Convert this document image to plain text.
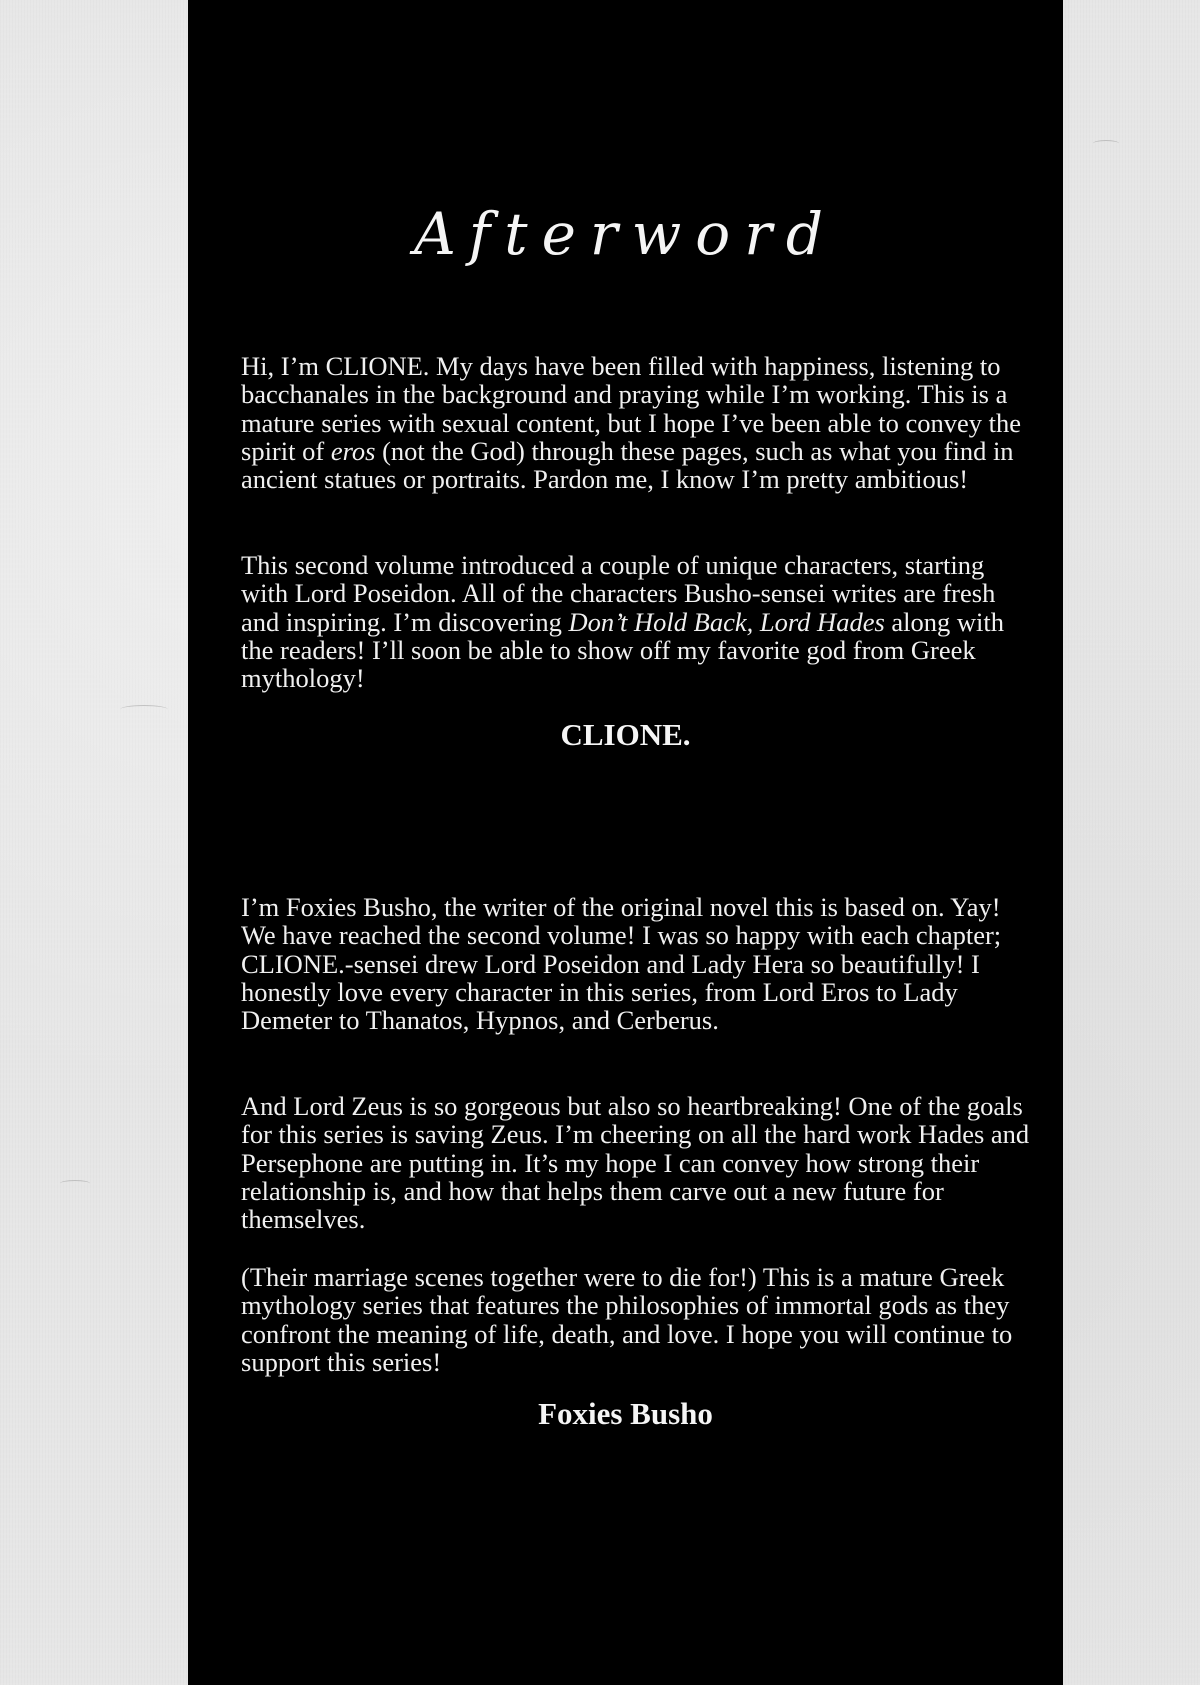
Afterword

Hi, I’m CLIONE. My days have been filled with happiness, listening to bacchanales in the background and praying while I’m working. This is a mature series with sexual content, but I hope I’ve been able to convey the spirit of eros (not the God) through these pages, such as what you find in ancient statues or portraits. Pardon me, I know I’m pretty ambitious!

This second volume introduced a couple of unique characters, starting with Lord Poseidon. All of the characters Busho-sensei writes are fresh and inspiring. I’m discovering Don’t Hold Back, Lord Hades along with the readers! I’ll soon be able to show off my favorite god from Greek mythology!

CLIONE.

I’m Foxies Busho, the writer of the original novel this is based on. Yay! We have reached the second volume! I was so happy with each chapter; CLIONE.-sensei drew Lord Poseidon and Lady Hera so beautifully! I honestly love every character in this series, from Lord Eros to Lady Demeter to Thanatos, Hypnos, and Cerberus.

And Lord Zeus is so gorgeous but also so heartbreaking! One of the goals for this series is saving Zeus. I’m cheering on all the hard work Hades and Persephone are putting in. It’s my hope I can convey how strong their relationship is, and how that helps them carve out a new future for themselves.

(Their marriage scenes together were to die for!) This is a mature Greek mythology series that features the philosophies of immortal gods as they confront the meaning of life, death, and love. I hope you will continue to support this series!

Foxies Busho
